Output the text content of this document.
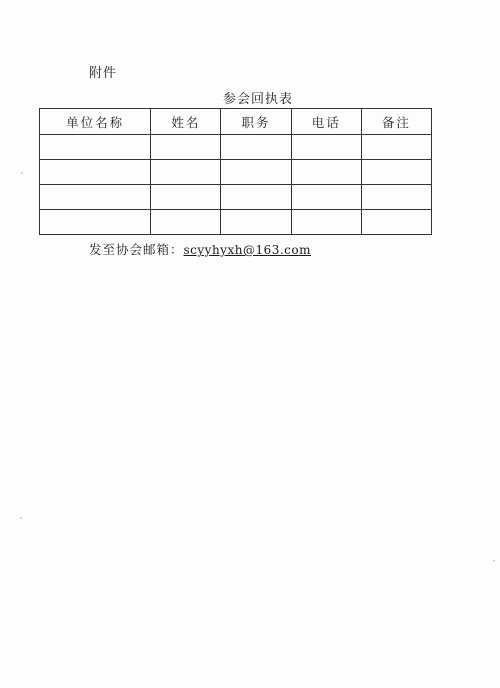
附件
参会回执表
单位名称	姓名	职务	电话	备注

发至协会邮箱：scyyhyxh@163.com
